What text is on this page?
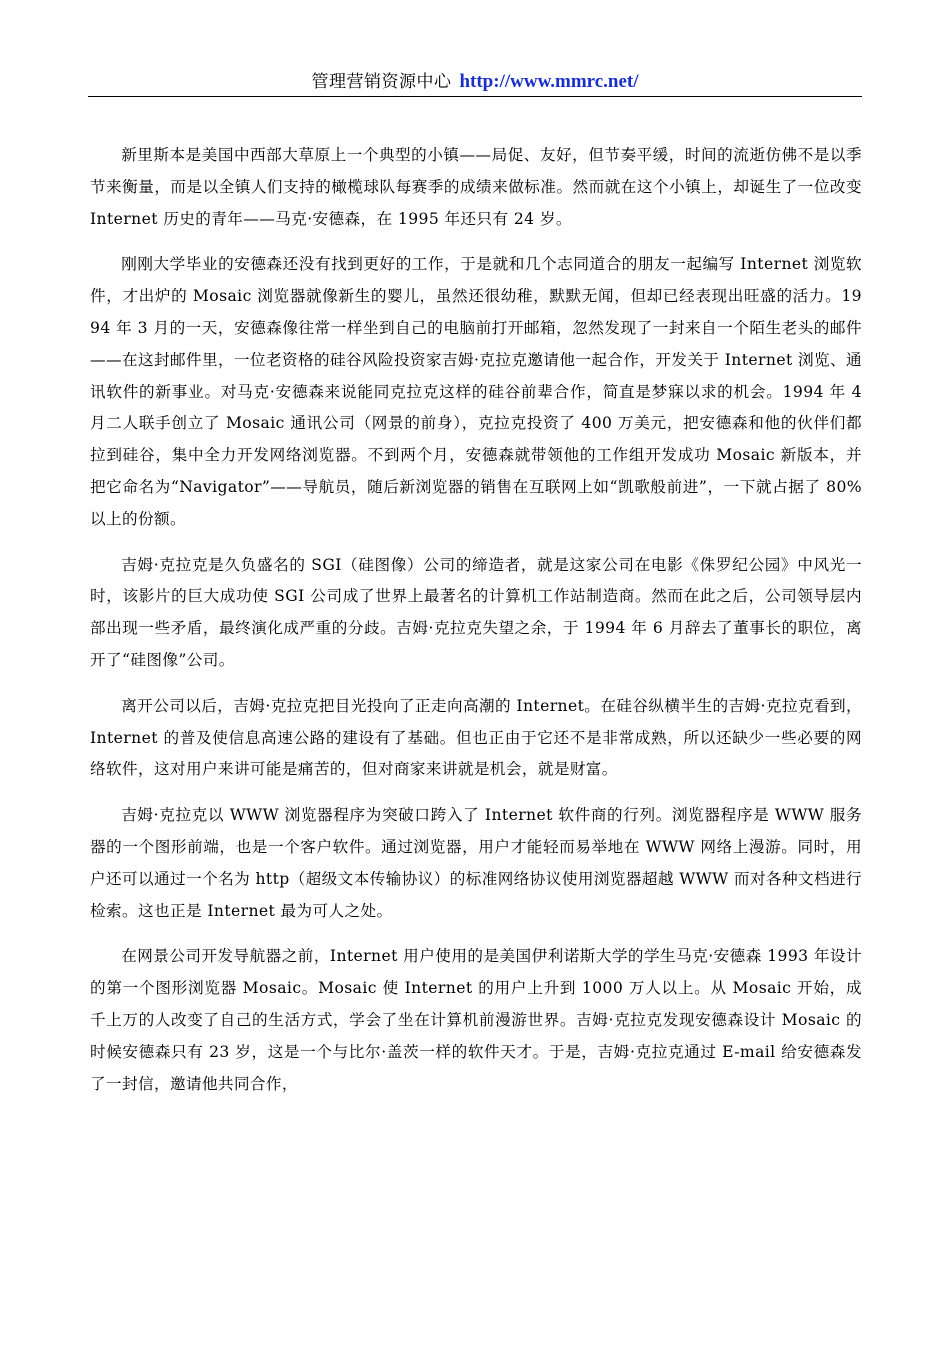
管理营销资源中心 http://www.mmrc.net/

新里斯本是美国中西部大草原上一个典型的小镇——局促、友好，但节奏平缓，时间的流逝仿佛不是以季节来衡量，而是以全镇人们支持的橄榄球队每赛季的成绩来做标准。然而就在这个小镇上，却诞生了一位改变 Internet 历史的青年——马克·安德森，在 1995 年还只有 24 岁。

刚刚大学毕业的安德森还没有找到更好的工作，于是就和几个志同道合的朋友一起编写 Internet 浏览软件，才出炉的 Mosaic 浏览器就像新生的婴儿，虽然还很幼稚，默默无闻，但却已经表现出旺盛的活力。1994 年 3 月的一天，安德森像往常一样坐到自己的电脑前打开邮箱，忽然发现了一封来自一个陌生老头的邮件——在这封邮件里，一位老资格的硅谷风险投资家吉姆·克拉克邀请他一起合作，开发关于 Internet 浏览、通讯软件的新事业。对马克·安德森来说能同克拉克这样的硅谷前辈合作，简直是梦寐以求的机会。1994 年 4 月二人联手创立了 Mosaic 通讯公司（网景的前身），克拉克投资了 400 万美元，把安德森和他的伙伴们都拉到硅谷，集中全力开发网络浏览器。不到两个月，安德森就带领他的工作组开发成功 Mosaic 新版本，并把它命名为“Navigator”——导航员，随后新浏览器的销售在互联网上如“凯歌般前进”，一下就占据了 80%以上的份额。

吉姆·克拉克是久负盛名的 SGI（硅图像）公司的缔造者，就是这家公司在电影《侏罗纪公园》中风光一时，该影片的巨大成功使 SGI 公司成了世界上最著名的计算机工作站制造商。然而在此之后，公司领导层内部出现一些矛盾，最终演化成严重的分歧。吉姆·克拉克失望之余，于 1994 年 6 月辞去了董事长的职位，离开了“硅图像”公司。

离开公司以后，吉姆·克拉克把目光投向了正走向高潮的 Internet。在硅谷纵横半生的吉姆·克拉克看到，Internet 的普及使信息高速公路的建设有了基础。但也正由于它还不是非常成熟，所以还缺少一些必要的网络软件，这对用户来讲可能是痛苦的，但对商家来讲就是机会，就是财富。

吉姆·克拉克以 WWW 浏览器程序为突破口跨入了 Internet 软件商的行列。浏览器程序是 WWW 服务器的一个图形前端，也是一个客户软件。通过浏览器，用户才能轻而易举地在 WWW 网络上漫游。同时，用户还可以通过一个名为 http（超级文本传输协议）的标准网络协议使用浏览器超越 WWW 而对各种文档进行检索。这也正是 Internet 最为可人之处。

在网景公司开发导航器之前，Internet 用户使用的是美国伊利诺斯大学的学生马克·安德森 1993 年设计的第一个图形浏览器 Mosaic。Mosaic 使 Internet 的用户上升到 1000 万人以上。从 Mosaic 开始，成千上万的人改变了自己的生活方式，学会了坐在计算机前漫游世界。吉姆·克拉克发现安德森设计 Mosaic 的时候安德森只有 23 岁，这是一个与比尔·盖茨一样的软件天才。于是，吉姆·克拉克通过 E-mail 给安德森发了一封信，邀请他共同合作，
